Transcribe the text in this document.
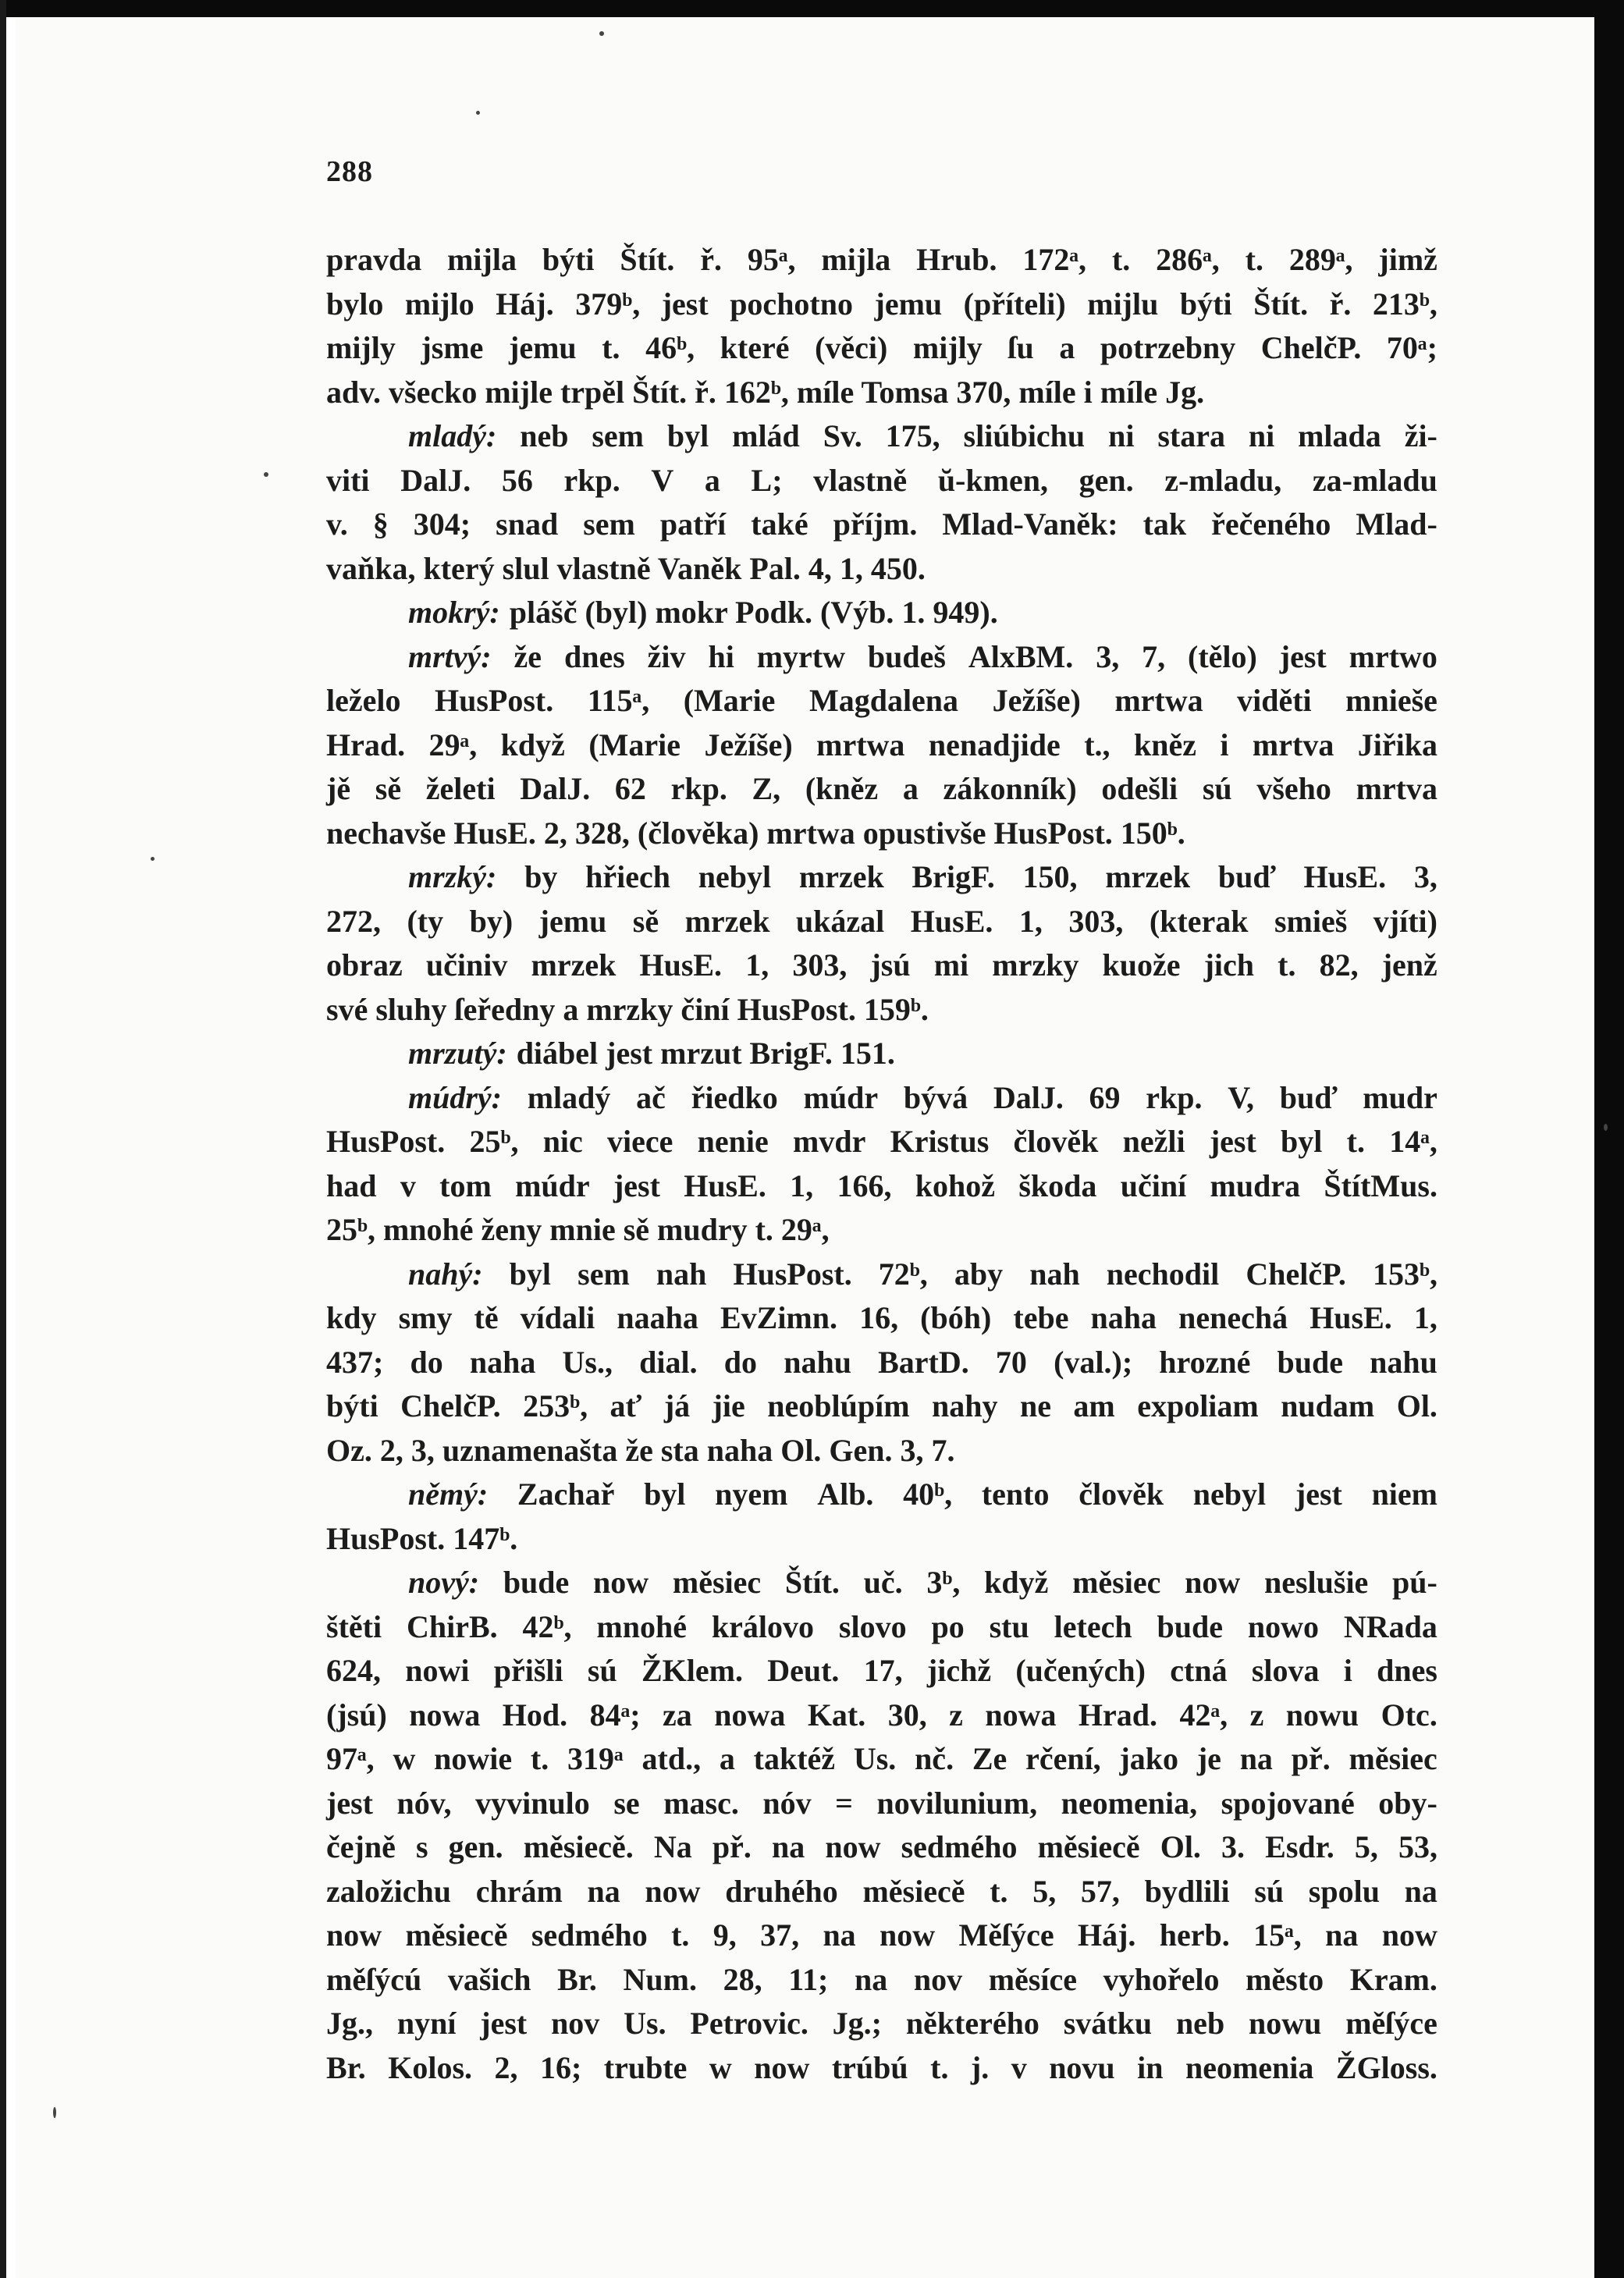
288
pravda mijla býti Štít. ř. 95ᵃ, mijla Hrub. 172ᵃ, t. 286ᵃ, t. 289ᵃ, jimž
bylo mijlo Háj. 379ᵇ, jest pochotno jemu (příteli) mijlu býti Štít. ř. 213ᵇ,
mijly jsme jemu t. 46ᵇ, které (věci) mijly ſu a potrzebny ChelčP. 70ᵃ;
adv. všecko mijle trpěl Štít. ř. 162ᵇ, míle Tomsa 370, míle i míle Jg.
mladý: neb sem byl mlád Sv. 175, sliúbichu ni stara ni mlada ži-
viti DalJ. 56 rkp. V a L; vlastně ŭ-kmen, gen. z-mladu, za-mladu
v. § 304; snad sem patří také příjm. Mlad-Vaněk: tak řečeného Mlad-
vaňka, který slul vlastně Vaněk Pal. 4, 1, 450.
mokrý: plášč (byl) mokr Podk. (Výb. 1. 949).
mrtvý: že dnes živ hi myrtw budeš AlxBM. 3, 7, (tělo) jest mrtwo
leželo HusPost. 115ᵃ, (Marie Magdalena Ježíše) mrtwa viděti mnieše
Hrad. 29ᵃ, když (Marie Ježíše) mrtwa nenadjide t., kněz i mrtva Jiřika
jě sě želeti DalJ. 62 rkp. Z, (kněz a zákonník) odešli sú všeho mrtva
nechavše HusE. 2, 328, (člověka) mrtwa opustivše HusPost. 150ᵇ.
mrzký: by hřiech nebyl mrzek BrigF. 150, mrzek buď HusE. 3,
272, (ty by) jemu sě mrzek ukázal HusE. 1, 303, (kterak smieš vjíti)
obraz učiniv mrzek HusE. 1, 303, jsú mi mrzky kuože jich t. 82, jenž
své sluhy ſeředny a mrzky činí HusPost. 159ᵇ.
mrzutý: diábel jest mrzut BrigF. 151.
múdrý: mladý ač řiedko múdr bývá DalJ. 69 rkp. V, buď mudr
HusPost. 25ᵇ, nic viece nenie mvdr Kristus člověk nežli jest byl t. 14ᵃ,
had v tom múdr jest HusE. 1, 166, kohož škoda učiní mudra ŠtítMus.
25ᵇ, mnohé ženy mnie sě mudry t. 29ᵃ,
nahý: byl sem nah HusPost. 72ᵇ, aby nah nechodil ChelčP. 153ᵇ,
kdy smy tě vídali naaha EvZimn. 16, (bóh) tebe naha nenechá HusE. 1,
437; do naha Us., dial. do nahu BartD. 70 (val.); hrozné bude nahu
býti ChelčP. 253ᵇ, ať já jie neoblúpím nahy ne am expoliam nudam Ol.
Oz. 2, 3, uznamenašta že sta naha Ol. Gen. 3, 7.
němý: Zachař byl nyem Alb. 40ᵇ, tento člověk nebyl jest niem
HusPost. 147ᵇ.
nový: bude now měsiec Štít. uč. 3ᵇ, když měsiec now neslušie pú-
štěti ChirB. 42ᵇ, mnohé královo slovo po stu letech bude nowo NRada
624, nowi přišli sú ŽKlem. Deut. 17, jichž (učených) ctná slova i dnes
(jsú) nowa Hod. 84ᵃ; za nowa Kat. 30, z nowa Hrad. 42ᵃ, z nowu Otc.
97ᵃ, w nowie t. 319ᵃ atd., a taktéž Us. nč. Ze rčení, jako je na př. měsiec
jest nóv, vyvinulo se masc. nóv = novilunium, neomenia, spojované oby-
čejně s gen. měsiecě. Na př. na now sedmého měsiecě Ol. 3. Esdr. 5, 53,
založichu chrám na now druhého měsiecě t. 5, 57, bydlili sú spolu na
now měsiecě sedmého t. 9, 37, na now Měſýce Háj. herb. 15ᵃ, na now
měſýcú vašich Br. Num. 28, 11; na nov měsíce vyhořelo město Kram.
Jg., nyní jest nov Us. Petrovic. Jg.; některého svátku neb nowu měſýce
Br. Kolos. 2, 16; trubte w now trúbú t. j. v novu in neomenia ŽGloss.
